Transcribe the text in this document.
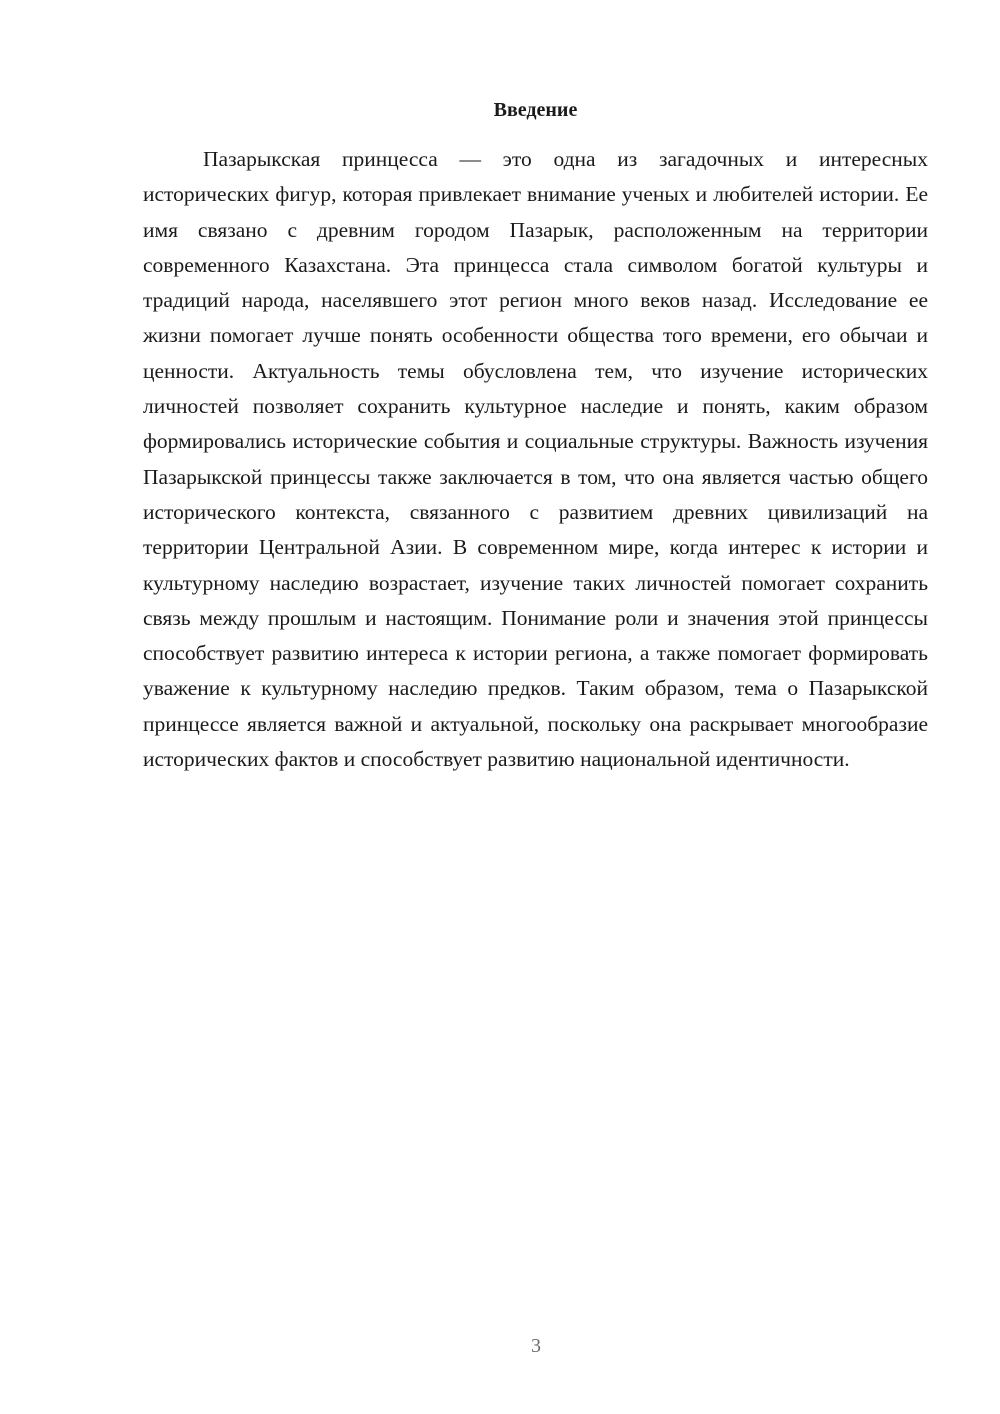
Введение

Пазарыкская принцесса — это одна из загадочных и интересных исторических фигур, которая привлекает внимание ученых и любителей истории. Ее имя связано с древним городом Пазарык, расположенным на территории современного Казахстана. Эта принцесса стала символом богатой культуры и традиций народа, населявшего этот регион много веков назад. Исследование ее жизни помогает лучше понять особенности общества того времени, его обычаи и ценности. Актуальность темы обусловлена тем, что изучение исторических личностей позволяет сохранить культурное наследие и понять, каким образом формировались исторические события и социальные структуры. Важность изучения Пазарыкской принцессы также заключается в том, что она является частью общего исторического контекста, связанного с развитием древних цивилизаций на территории Центральной Азии. В современном мире, когда интерес к истории и культурному наследию возрастает, изучение таких личностей помогает сохранить связь между прошлым и настоящим. Понимание роли и значения этой принцессы способствует развитию интереса к истории региона, а также помогает формировать уважение к культурному наследию предков. Таким образом, тема о Пазарыкской принцессе является важной и актуальной, поскольку она раскрывает многообразие исторических фактов и способствует развитию национальной идентичности.

3
